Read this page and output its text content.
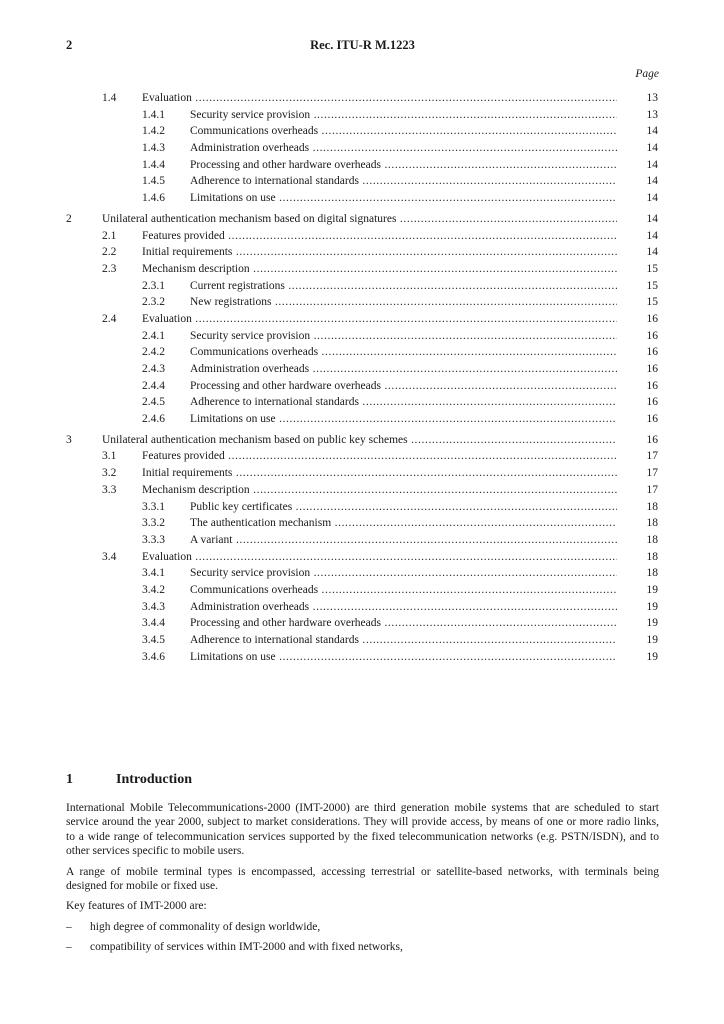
2	Rec. ITU-R M.1223
Page
1.4 Evaluation .....	13
1.4.1 Security service provision .....	13
1.4.2 Communications overheads .....	14
1.4.3 Administration overheads .....	14
1.4.4 Processing and other hardware overheads .....	14
1.4.5 Adherence to international standards .....	14
1.4.6 Limitations on use .....	14
2	Unilateral authentication mechanism based on digital signatures .....	14
2.1 Features provided .....	14
2.2 Initial requirements .....	14
2.3 Mechanism description .....	15
2.3.1 Current registrations .....	15
2.3.2 New registrations .....	15
2.4 Evaluation .....	16
2.4.1 Security service provision .....	16
2.4.2 Communications overheads .....	16
2.4.3 Administration overheads .....	16
2.4.4 Processing and other hardware overheads .....	16
2.4.5 Adherence to international standards .....	16
2.4.6 Limitations on use .....	16
3	Unilateral authentication mechanism based on public key schemes .....	16
3.1 Features provided .....	17
3.2 Initial requirements .....	17
3.3 Mechanism description .....	17
3.3.1 Public key certificates .....	18
3.3.2 The authentication mechanism .....	18
3.3.3 A variant .....	18
3.4 Evaluation .....	18
3.4.1 Security service provision .....	18
3.4.2 Communications overheads .....	19
3.4.3 Administration overheads .....	19
3.4.4 Processing and other hardware overheads .....	19
3.4.5 Adherence to international standards .....	19
3.4.6 Limitations on use .....	19
1	Introduction

International Mobile Telecommunications-2000 (IMT-2000) are third generation mobile systems that are scheduled to start service around the year 2000, subject to market considerations. They will provide access, by means of one or more radio links, to a wide range of telecommunication services supported by the fixed telecommunication networks (e.g. PSTN/ISDN), and to other services specific to mobile users.

A range of mobile terminal types is encompassed, accessing terrestrial or satellite-based networks, with terminals being designed for mobile or fixed use.

Key features of IMT-2000 are:

– high degree of commonality of design worldwide,
– compatibility of services within IMT-2000 and with fixed networks,
